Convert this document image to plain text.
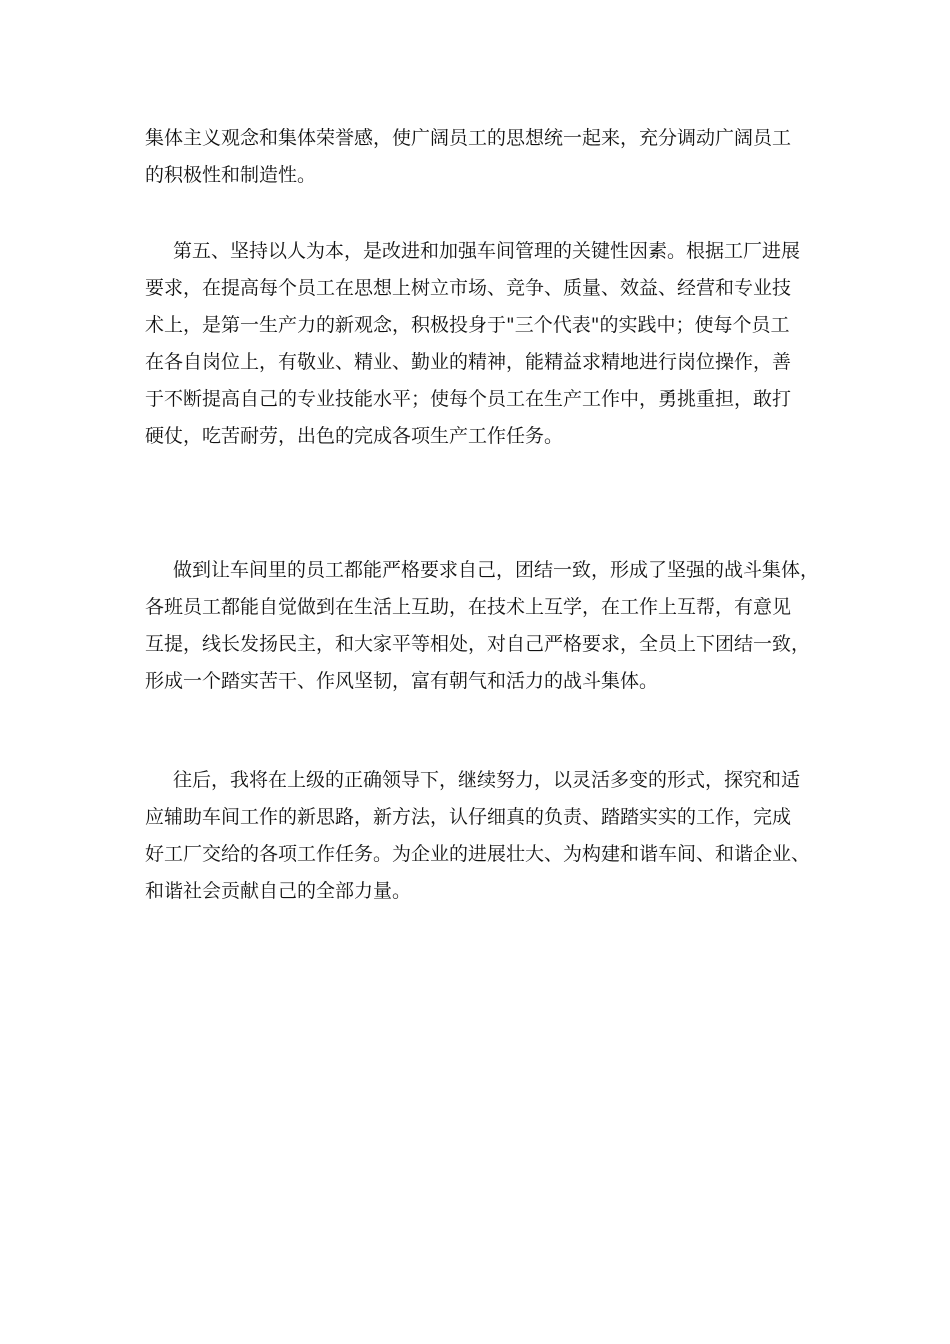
集体主义观念和集体荣誉感，使广阔员工的思想统一起来，充分调动广阔员工
的积极性和制造性。
第五、坚持以人为本，是改进和加强车间管理的关键性因素。根据工厂进展
要求，在提高每个员工在思想上树立市场、竞争、质量、效益、经营和专业技
术上，是第一生产力的新观念，积极投身于"三个代表"的实践中；使每个员工
在各自岗位上，有敬业、精业、勤业的精神，能精益求精地进行岗位操作，善
于不断提高自己的专业技能水平；使每个员工在生产工作中，勇挑重担，敢打
硬仗，吃苦耐劳，出色的完成各项生产工作任务。
做到让车间里的员工都能严格要求自己，团结一致，形成了坚强的战斗集体，
各班员工都能自觉做到在生活上互助，在技术上互学，在工作上互帮，有意见
互提，线长发扬民主，和大家平等相处，对自己严格要求，全员上下团结一致，
形成一个踏实苦干、作风坚韧，富有朝气和活力的战斗集体。
往后，我将在上级的正确领导下，继续努力，以灵活多变的形式，探究和适
应辅助车间工作的新思路，新方法，认仔细真的负责、踏踏实实的工作，完成
好工厂交给的各项工作任务。为企业的进展壮大、为构建和谐车间、和谐企业、
和谐社会贡献自己的全部力量。
